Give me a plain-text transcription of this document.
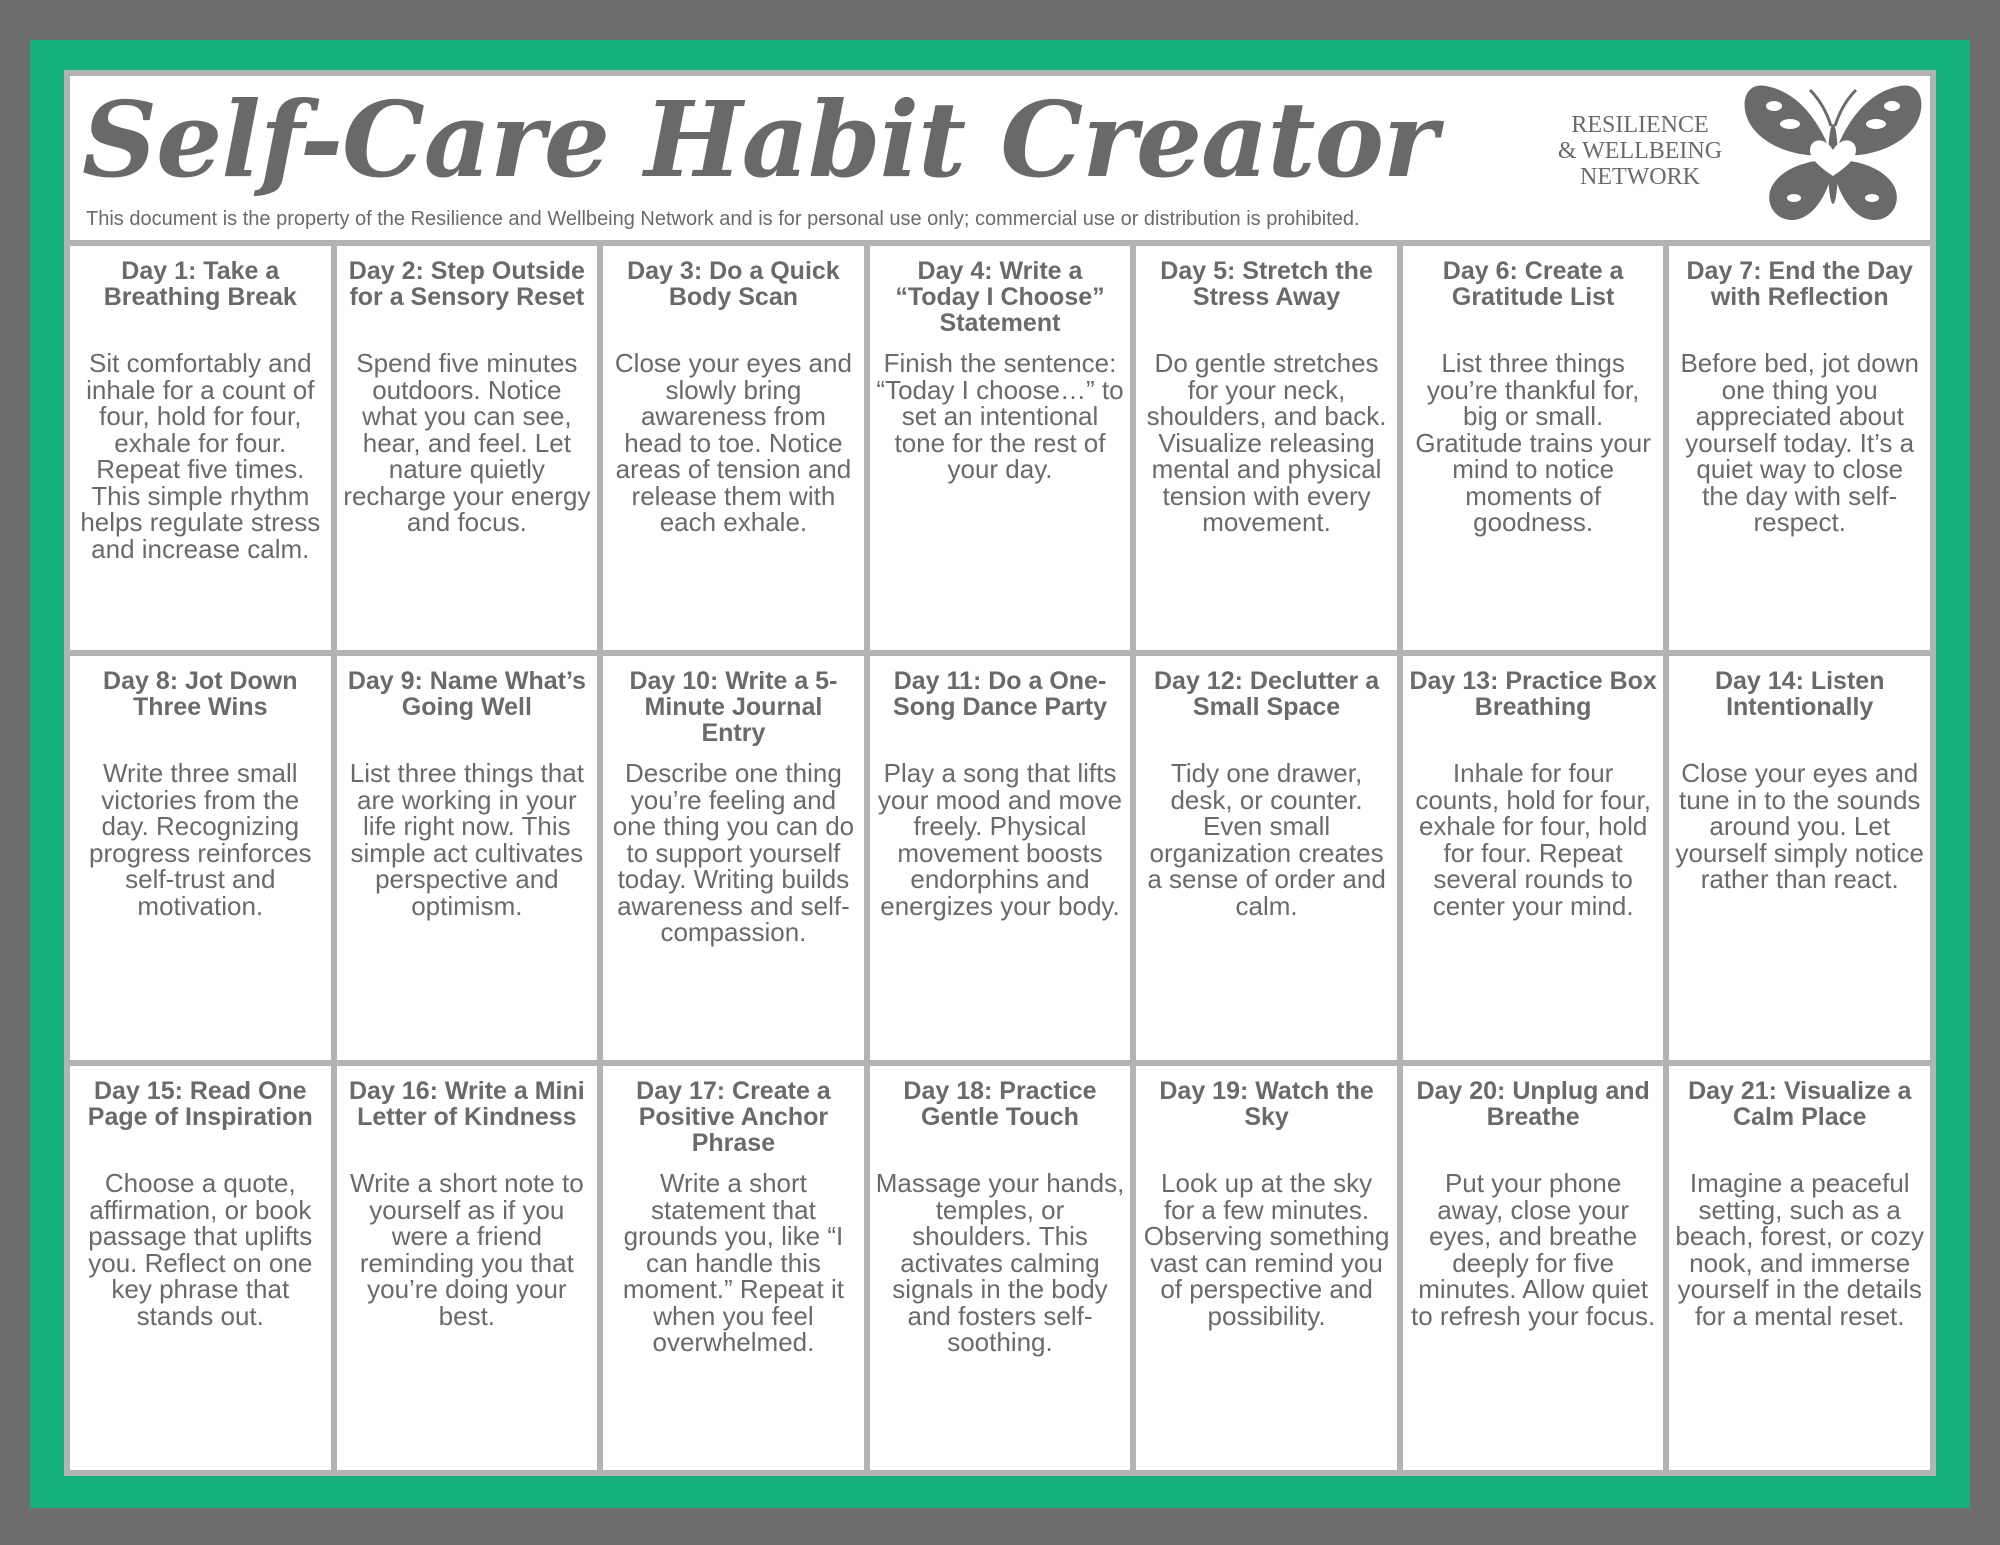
Self-Care Habit Creator
This document is the property of the Resilience and Wellbeing Network and is for personal use only; commercial use or distribution is prohibited.
RESILIENCE
& WELLBEING
NETWORK
Day 1: Take a Breathing Break
Sit comfortably and inhale for a count of four, hold for four, exhale for four. Repeat five times. This simple rhythm helps regulate stress and increase calm.
Day 2: Step Outside for a Sensory Reset
Spend five minutes outdoors. Notice what you can see, hear, and feel. Let nature quietly recharge your energy and focus.
Day 3: Do a Quick Body Scan
Close your eyes and slowly bring awareness from head to toe. Notice areas of tension and release them with each exhale.
Day 4: Write a “Today I Choose” Statement
Finish the sentence: “Today I choose…” to set an intentional tone for the rest of your day.
Day 5: Stretch the Stress Away
Do gentle stretches for your neck, shoulders, and back. Visualize releasing mental and physical tension with every movement.
Day 6: Create a Gratitude List
List three things you’re thankful for, big or small. Gratitude trains your mind to notice moments of goodness.
Day 7: End the Day with Reflection
Before bed, jot down one thing you appreciated about yourself today. It’s a quiet way to close the day with self-respect.
Day 8: Jot Down Three Wins
Write three small victories from the day. Recognizing progress reinforces self-trust and motivation.
Day 9: Name What’s Going Well
List three things that are working in your life right now. This simple act cultivates perspective and optimism.
Day 10: Write a 5-Minute Journal Entry
Describe one thing you’re feeling and one thing you can do to support yourself today. Writing builds awareness and self-compassion.
Day 11: Do a One-Song Dance Party
Play a song that lifts your mood and move freely. Physical movement boosts endorphins and energizes your body.
Day 12: Declutter a Small Space
Tidy one drawer, desk, or counter. Even small organization creates a sense of order and calm.
Day 13: Practice Box Breathing
Inhale for four counts, hold for four, exhale for four, hold for four. Repeat several rounds to center your mind.
Day 14: Listen Intentionally
Close your eyes and tune in to the sounds around you. Let yourself simply notice rather than react.
Day 15: Read One Page of Inspiration
Choose a quote, affirmation, or book passage that uplifts you. Reflect on one key phrase that stands out.
Day 16: Write a Mini Letter of Kindness
Write a short note to yourself as if you were a friend reminding you that you’re doing your best.
Day 17: Create a Positive Anchor Phrase
Write a short statement that grounds you, like “I can handle this moment.” Repeat it when you feel overwhelmed.
Day 18: Practice Gentle Touch
Massage your hands, temples, or shoulders. This activates calming signals in the body and fosters self-soothing.
Day 19: Watch the Sky
Look up at the sky for a few minutes. Observing something vast can remind you of perspective and possibility.
Day 20: Unplug and Breathe
Put your phone away, close your eyes, and breathe deeply for five minutes. Allow quiet to refresh your focus.
Day 21: Visualize a Calm Place
Imagine a peaceful setting, such as a beach, forest, or cozy nook, and immerse yourself in the details for a mental reset.
